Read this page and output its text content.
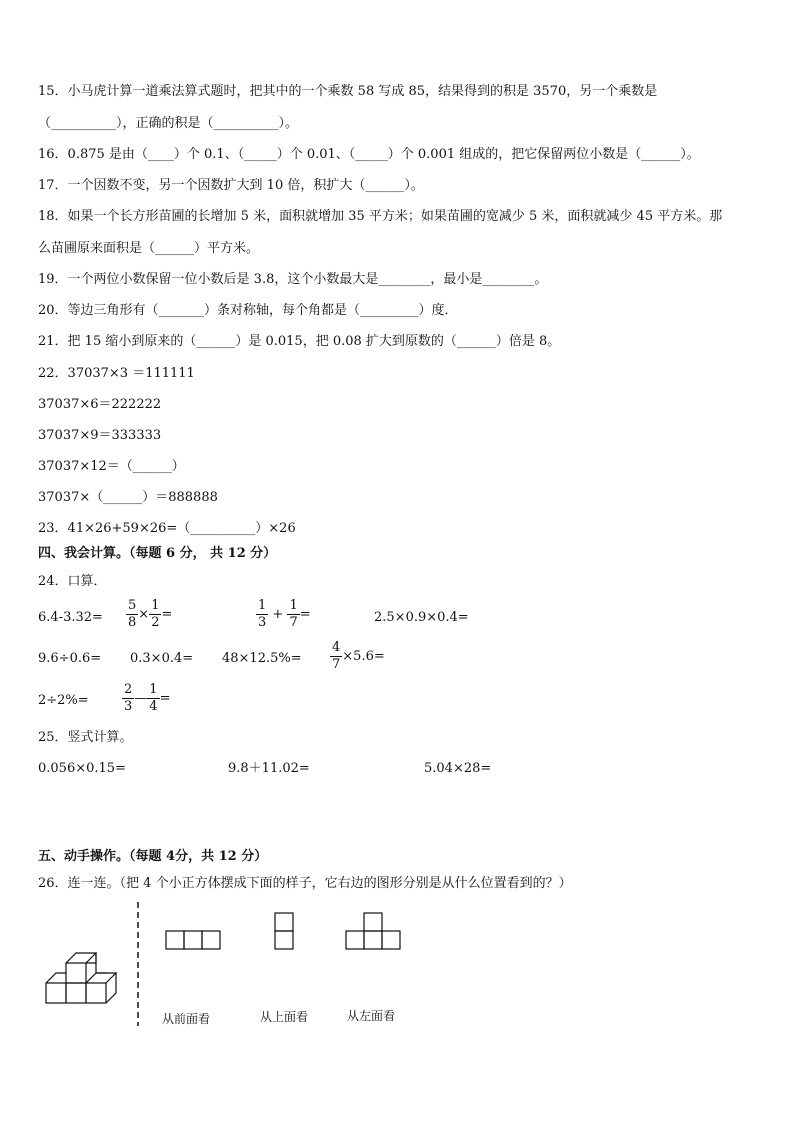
15．小马虎计算一道乘法算式题时，把其中的一个乘数 58 写成 85，结果得到的积是 3570，另一个乘数是
（__________），正确的积是（__________）。
16．0.875 是由（____）个 0.1、（_____）个 0.01、（_____）个 0.001 组成的，把它保留两位小数是（______）。
17．一个因数不变，另一个因数扩大到 10 倍，积扩大（______）。
18．如果一个长方形苗圃的长增加 5 米，面积就增加 35 平方米；如果苗圃的宽减少 5 米，面积就减少 45 平方米。那
么苗圃原来面积是（______）平方米。
19．一个两位小数保留一位小数后是 3.8，这个小数最大是________，最小是________。
20．等边三角形有（_______）条对称轴，每个角都是（_________）度．
21．把 15 缩小到原来的（______）是 0.015，把 0.08 扩大到原数的（______）倍是 8。
22．37037×3 ＝111111
37037×6＝222222
37037×9＝333333
37037×12＝（______）
37037×（______）＝888888
23．41×26+59×26=（__________）×26
四、我会计算。（每题 6 分， 共 12 分）
24．口算．
$6.4-3.32= \frac{5}{8} \times \frac{1}{2}$ =	$\frac{1}{3} + \frac{1}{7}$ =	2.5×0.9×0.4=
$9.6\div 0.6= 0.3\times 0.4= 48\times 12.5\%= \frac{4}{7} \times 5.6=$
2÷2%=	$\frac{2}{3}$ — $\frac{1}{4}$ =
25．竖式计算。
0.056×0.15=	9.8＋11.02=	5.04×28=
五、动手操作。（每题 4分，共 12 分）
26．连一连。（把 4 个小正方体摆成下面的样子，它右边的图形分别是从什么位置看到的？）
从前面看	从上面看	从左面看
